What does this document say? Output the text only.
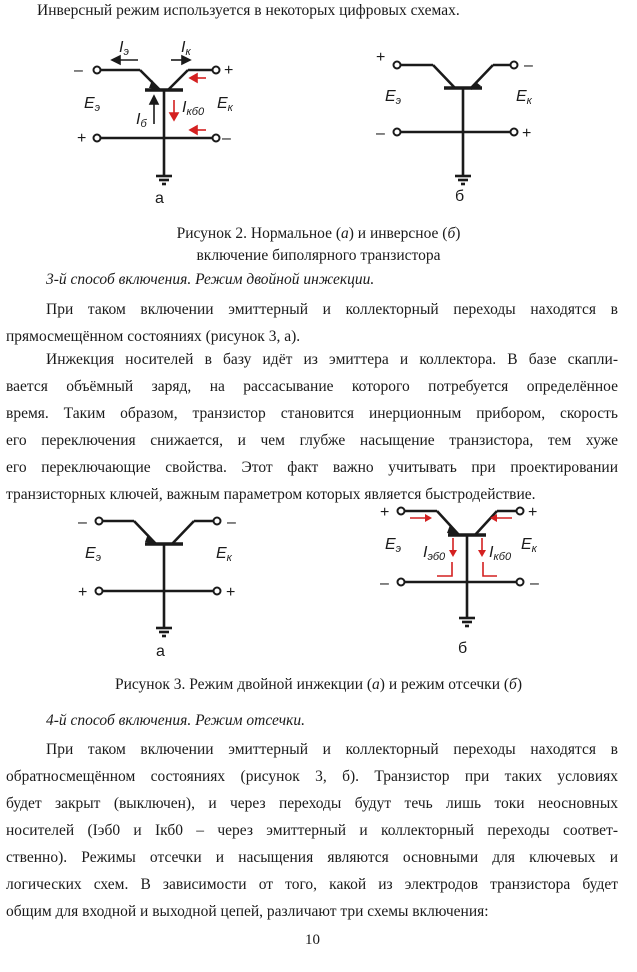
Инверсный режим используется в некоторых цифровых схемах.
Iэ	Iк
Iб
Iкб0
Eэ	Eк
–	+
+	–
а
+	–
–	+
Eэ	Eк
б
Рисунок 2. Нормальное (а) и инверсное (б)
включение биполярного транзистора
3-й способ включения. Режим двойной инжекции.
При таком включении эмиттерный и коллекторный переходы находятся в
прямосмещённом состояниях (рисунок 3, а).
Инжекция носителей в базу идёт из эмиттера и коллектора. В базе скапли-
вается объёмный заряд, на рассасывание которого потребуется определённое
время. Таким образом, транзистор становится инерционным прибором, скорость
его переключения снижается, и чем глубже насыщение транзистора, тем хуже
его переключающие свойства. Этот факт важно учитывать при проектировании
транзисторных ключей, важным параметром которых является быстродействие.
–	–
+	+
Eэ	Eк
а
+	+
–	–
Eэ	Eк
Iэб0	Iкб0
б
Рисунок 3. Режим двойной инжекции (а) и режим отсечки (б)
4-й способ включения. Режим отсечки.
При таком включении эмиттерный и коллекторный переходы находятся в
обратносмещённом состояниях (рисунок 3, б). Транзистор при таких условиях
будет закрыт (выключен), и через переходы будут течь лишь токи неосновных
носителей (Iэб0 и Iкб0 – через эмиттерный и коллекторный переходы соответ-
ственно). Режимы отсечки и насыщения являются основными для ключевых и
логических схем. В зависимости от того, какой из электродов транзистора будет
общим для входной и выходной цепей, различают три схемы включения:
10
